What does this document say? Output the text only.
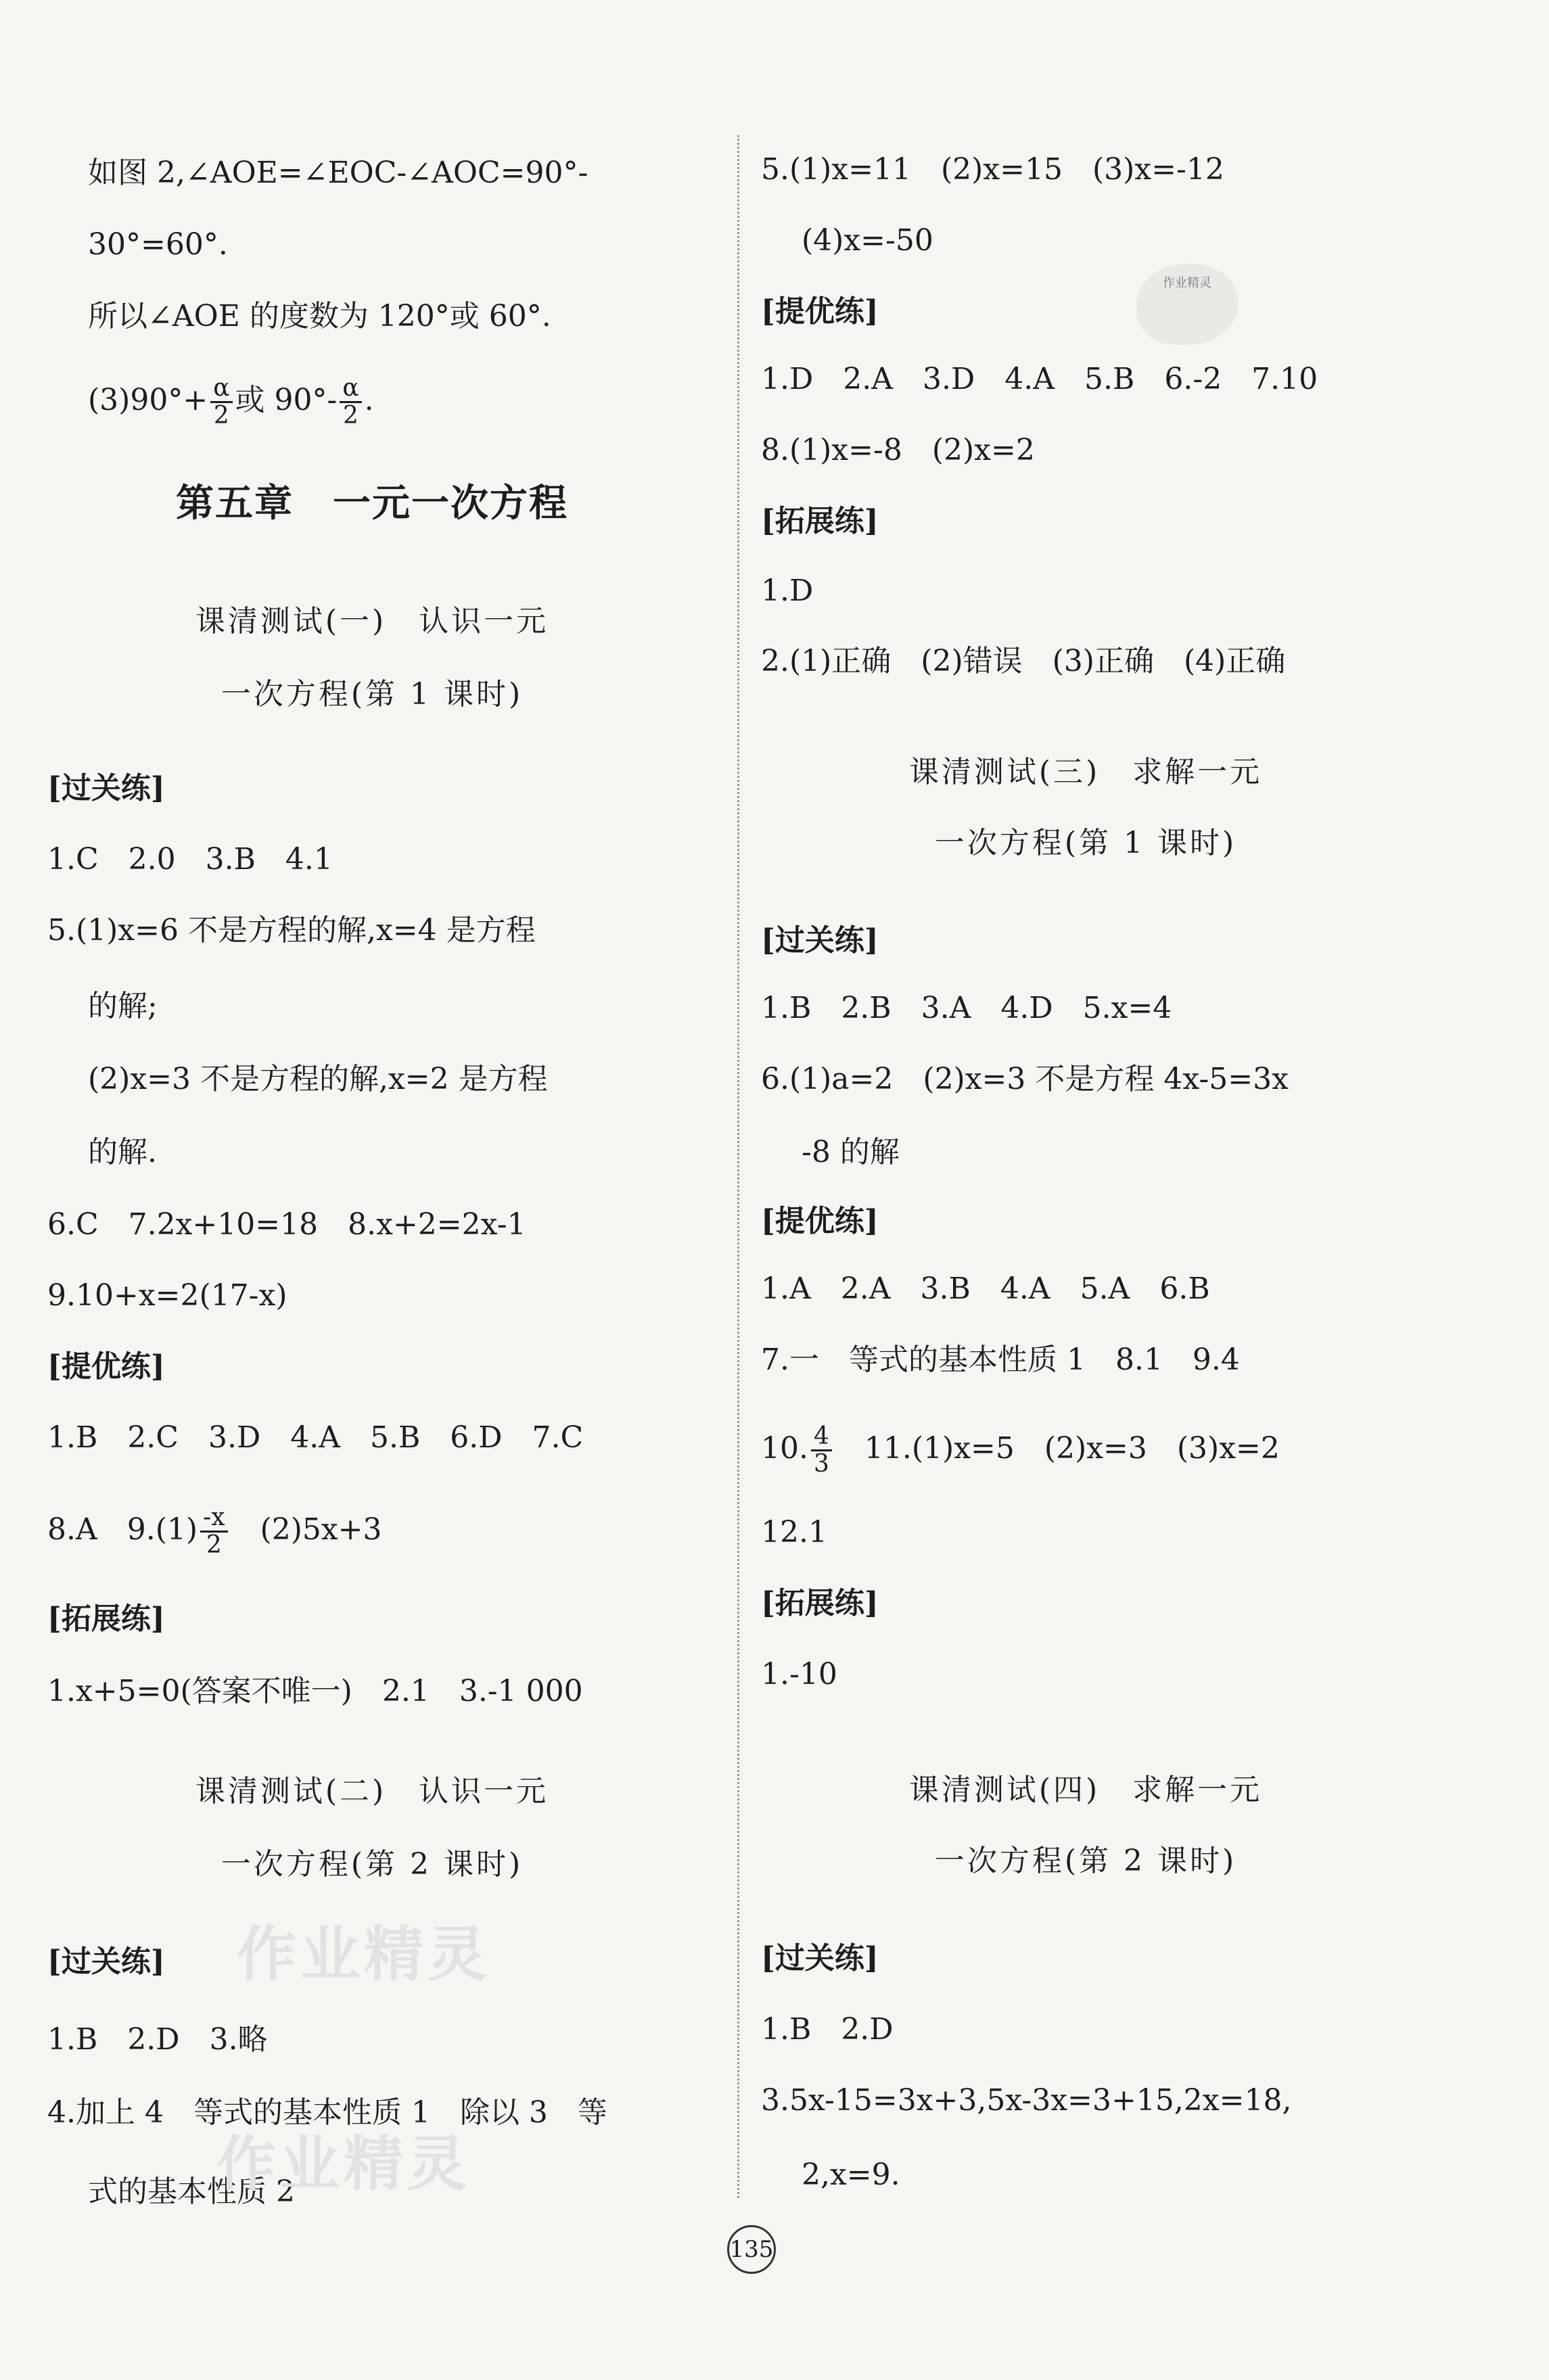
如图 2,∠AOE=∠EOC-∠AOC=90°-
30°=60°.
所以∠AOE 的度数为 120°或 60°.
$(3)90^\circ+ \frac{\alpha}{2}$ 或 $90^\circ- \frac{\alpha}{2}$ .
第五章　一元一次方程
课清测试(一)　认识一元
一次方程(第 1 课时)
[过关练]
1.C　2.0　3.B　4.1
5.(1)x=6 不是方程的解,x=4 是方程
的解;
(2)x=3 不是方程的解,x=2 是方程
的解.
6.C　7.2x+10=18　8.x+2=2x-1
9.10+x=2(17-x)
[提优练]
1.B　2.C　3.D　4.A　5.B　6.D　7.C
8.A　$9.(1) \frac{-x}{2}$ 　(2)5x+3
[拓展练]
1.x+5=0(答案不唯一)　2.1　3.-1 000
课清测试(二)　认识一元
一次方程(第 2 课时)
[过关练]
1.B　2.D　3.略
4.加上 4　等式的基本性质 1　除以 3　等
式的基本性质 2
5.(1)x=11　(2)x=15　(3)x=-12
(4)x=-50
[提优练]
1.D　2.A　3.D　4.A　5.B　6.-2　7.10
8.(1)x=-8　(2)x=2
[拓展练]
1.D
2.(1)正确　(2)错误　(3)正确　(4)正确
课清测试(三)　求解一元
一次方程(第 1 课时)
[过关练]
1.B　2.B　3.A　4.D　5.x=4
6.(1)a=2　(2)x=3 不是方程 4x-5=3x
-8 的解
[提优练]
1.A　2.A　3.B　4.A　5.A　6.B
7.一　等式的基本性质 1　8.1　9.4
10. $\frac{4}{3}$ 　11.(1)x=5　(2)x=3　(3)x=2
12.1
[拓展练]
1.-10
课清测试(四)　求解一元
一次方程(第 2 课时)
[过关练]
1.B　2.D
3.5x-15=3x+3,5x-3x=3+15,2x=18,
2,x=9.
作业精灵
作业精灵
作业精灵
135
